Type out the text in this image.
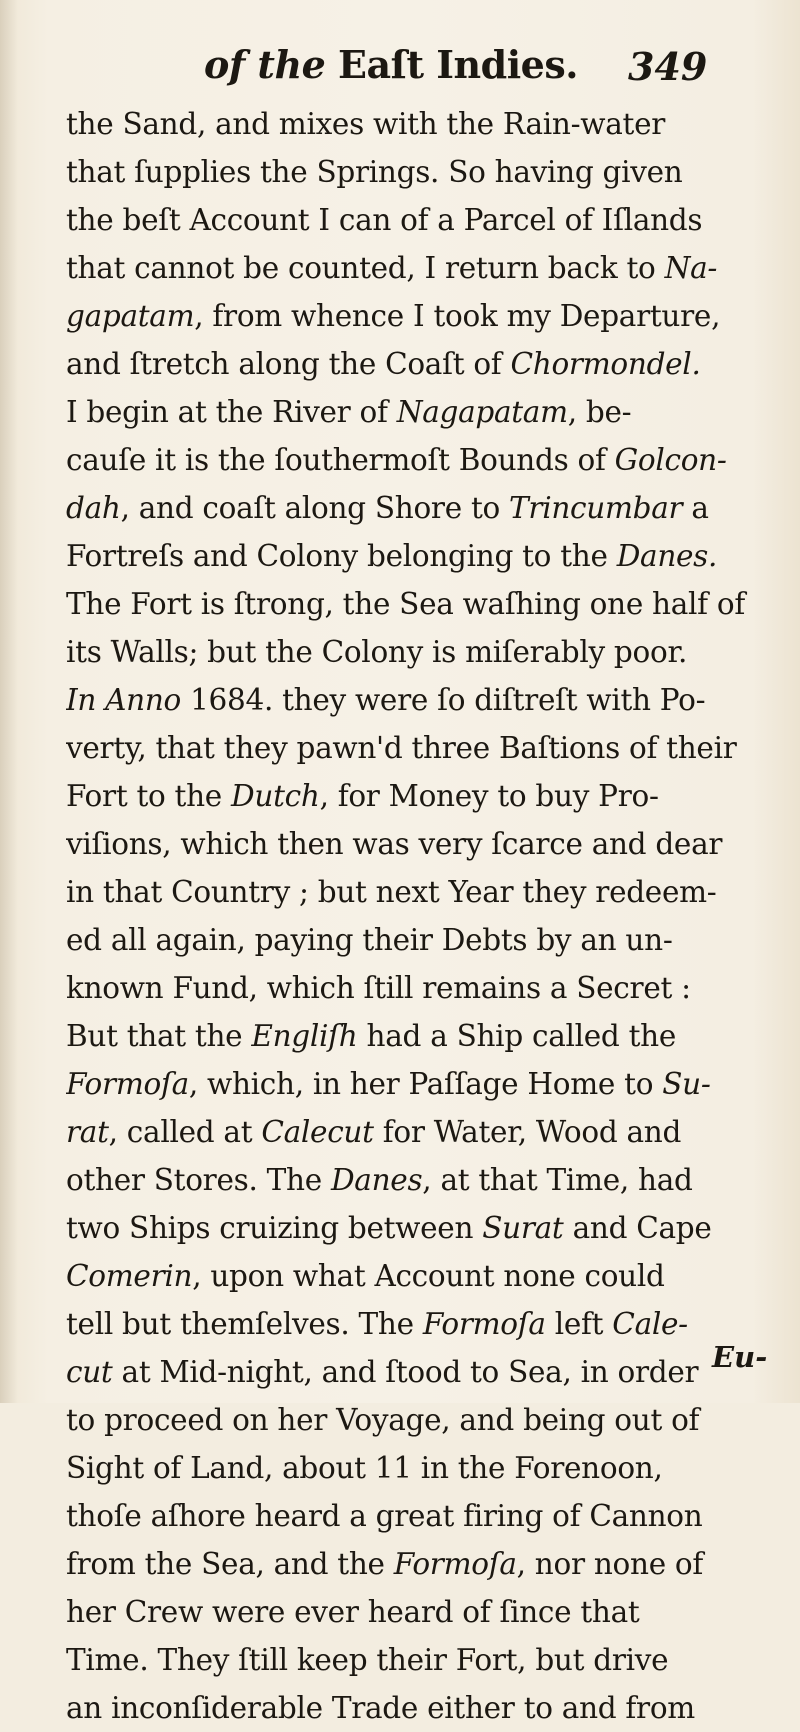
of the Eaſt Indies. 349
the Sand, and mixes with the Rain-water
that ſupplies the Springs. So having given
the beſt Account I can of a Parcel of Iſlands
that cannot be counted, I return back to Na-
gapatam, from whence I took my Departure,
and ſtretch along the Coaſt of Chormondel.
I begin at the River of Nagapatam, be-
cauſe it is the ſouthermoſt Bounds of Golcon-
dah, and coaſt along Shore to Trincumbar a
Fortreſs and Colony belonging to the Danes.
The Fort is ſtrong, the Sea waſhing one half of
its Walls; but the Colony is miſerably poor.
In Anno 1684. they were ſo diſtreſt with Po-
verty, that they pawn'd three Baſtions of their
Fort to the Dutch, for Money to buy Pro-
viſions, which then was very ſcarce and dear
in that Country ; but next Year they redeem-
ed all again, paying their Debts by an un-
known Fund, which ſtill remains a Secret :
But that the Engliſh had a Ship called the
Formoſa, which, in her Paſſage Home to Su-
rat, called at Calecut for Water, Wood and
other Stores. The Danes, at that Time, had
two Ships cruizing between Surat and Cape
Comerin, upon what Account none could
tell but themſelves. The Formoſa left Cale-
cut at Mid-night, and ſtood to Sea, in order
to proceed on her Voyage, and being out of
Sight of Land, about 11 in the Forenoon,
thoſe aſhore heard a great firing of Cannon
from the Sea, and the Formoſa, nor none of
her Crew were ever heard of ſince that
Time. They ſtill keep their Fort, but drive
an inconſiderable Trade either to and from
Eu-
